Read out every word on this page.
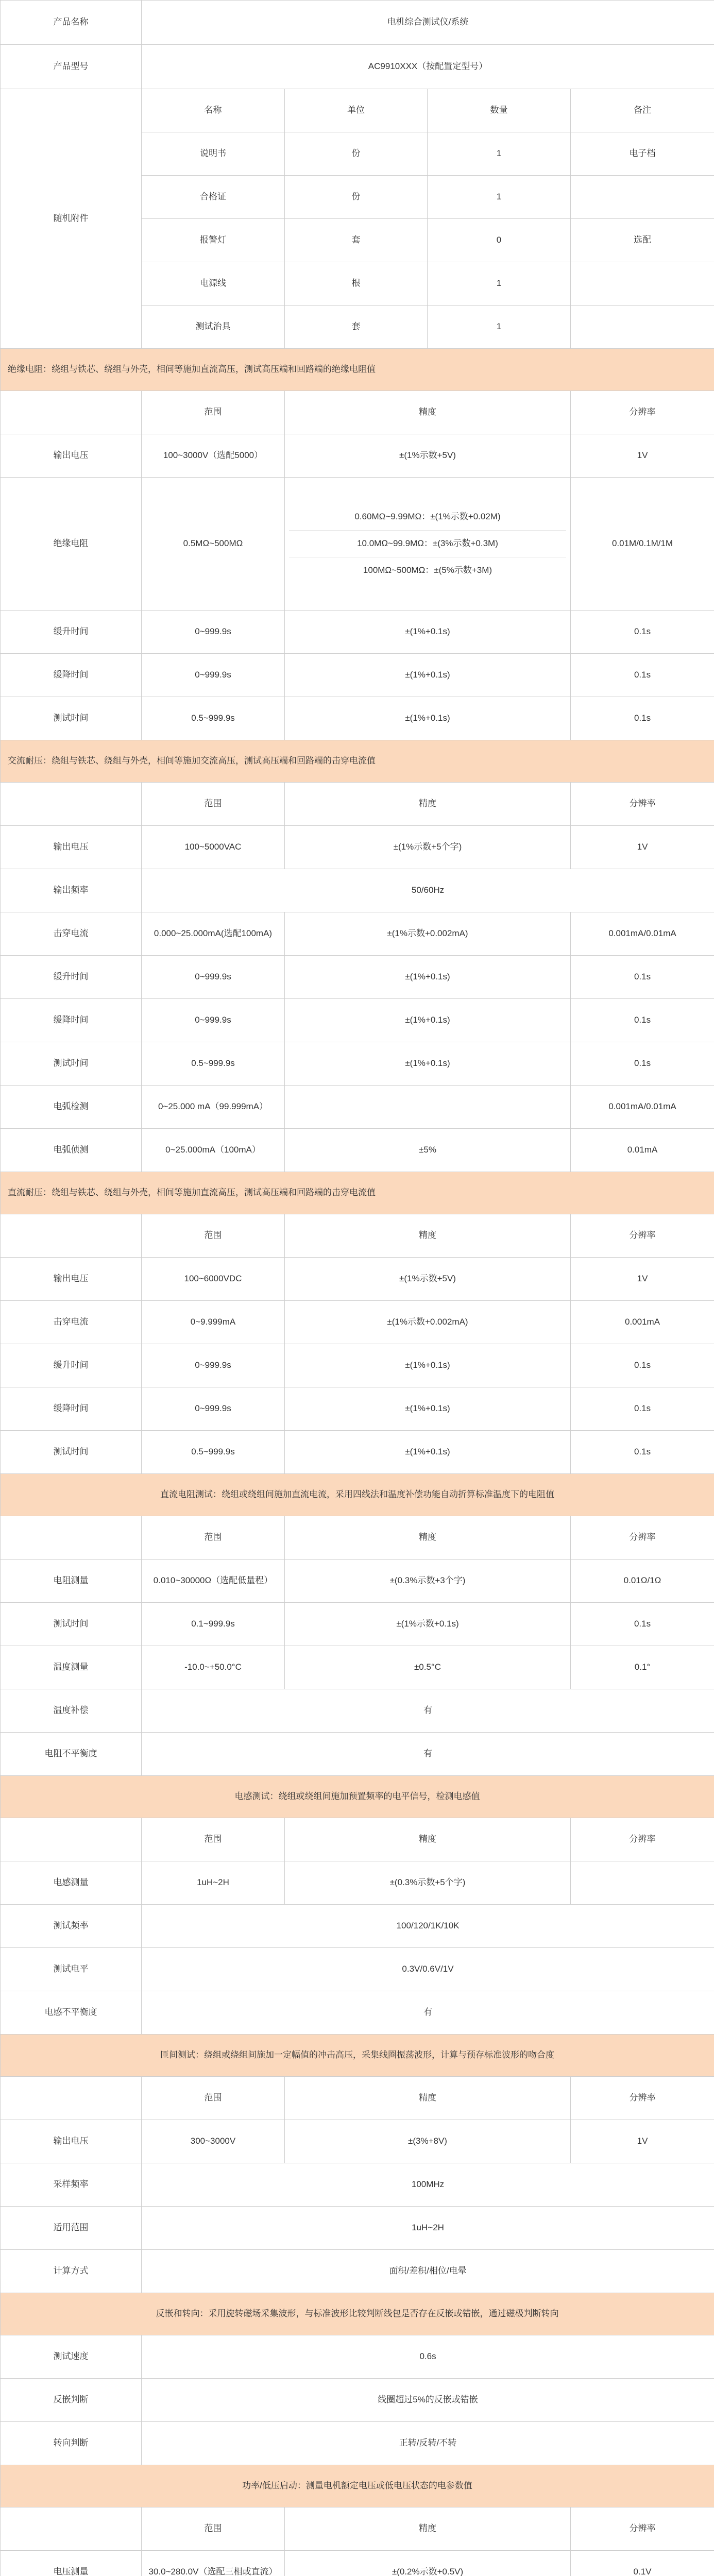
产品名称	电机综合测试仪/系统			
产品型号	AC9910XXX（按配置定型号）			
随机附件	名称	单位	数量	备注
	说明书	份	1	电子档
	合格证	份	1	
	报警灯	套	0	选配
	电源线	根	1	
	测试治具	套	1	
绝缘电阻：绕组与铁芯、绕组与外壳，相间等施加直流高压，测试高压端和回路端的绝缘电阻值				
	范围	精度		分辨率
输出电压	100~3000V（选配5000）	±(1%示数+5V)		1V
绝缘电阻	0.5MΩ~500MΩ	0.60MΩ~9.99MΩ：±(1%示数+0.02M)
10.0MΩ~99.9MΩ：±(3%示数+0.3M)
100MΩ~500MΩ：±(5%示数+3M)		0.01M/0.1M/1M
缓升时间	0~999.9s	±(1%+0.1s)		0.1s
缓降时间	0~999.9s	±(1%+0.1s)		0.1s
测试时间	0.5~999.9s	±(1%+0.1s)		0.1s
交流耐压：绕组与铁芯、绕组与外壳，相间等施加交流高压，测试高压端和回路端的击穿电流值				
	范围	精度		分辨率
输出电压	100~5000VAC	±(1%示数+5个字)		1V
输出频率	50/60Hz			
击穿电流	0.000~25.000mA(选配100mA)	±(1%示数+0.002mA)		0.001mA/0.01mA
缓升时间	0~999.9s	±(1%+0.1s)		0.1s
缓降时间	0~999.9s	±(1%+0.1s)		0.1s
测试时间	0.5~999.9s	±(1%+0.1s)		0.1s
电弧检测	0~25.000 mA（99.999mA）			0.001mA/0.01mA
电弧侦测	0~25.000mA（100mA）	±5%		0.01mA
直流耐压：绕组与铁芯、绕组与外壳，相间等施加直流高压，测试高压端和回路端的击穿电流值				
	范围	精度		分辨率
输出电压	100~6000VDC	±(1%示数+5V)		1V
击穿电流	0~9.999mA	±(1%示数+0.002mA)		0.001mA
缓升时间	0~999.9s	±(1%+0.1s)		0.1s
缓降时间	0~999.9s	±(1%+0.1s)		0.1s
测试时间	0.5~999.9s	±(1%+0.1s)		0.1s
直流电阻测试：绕组或绕组间施加直流电流，采用四线法和温度补偿功能自动折算标准温度下的电阻值				
	范围	精度		分辨率
电阻测量	0.010~30000Ω（选配低量程）	±(0.3%示数+3个字)		0.01Ω/1Ω
测试时间	0.1~999.9s	±(1%示数+0.1s)		0.1s
温度测量	-10.0~+50.0°C	±0.5°C		0.1°
温度补偿	有			
电阻不平衡度	有			
电感测试：绕组或绕组间施加预置频率的电平信号，检测电感值				
	范围	精度		分辨率
电感测量	1uH~2H	±(0.3%示数+5个字)		
测试频率	100/120/1K/10K			
测试电平	0.3V/0.6V/1V			
电感不平衡度	有			
匝间测试：绕组或绕组间施加一定幅值的冲击高压，采集线圈振荡波形，计算与预存标准波形的吻合度				
	范围	精度		分辨率
输出电压	300~3000V	±(3%+8V)		1V
采样频率	100MHz			
适用范围	1uH~2H			
计算方式	面积/差积/相位/电晕			
反嵌和转向：采用旋转磁场采集波形，与标准波形比较判断线包是否存在反嵌或错嵌，通过磁极判断转向				
测试速度	0.6s			
反嵌判断	线圈超过5%的反嵌或错嵌			
转向判断	正转/反转/不转			
功率/低压启动：测量电机额定电压或低电压状态的电参数值				
	范围	精度		分辨率
电压测量	30.0~280.0V（选配三相或直流）	±(0.2%示数+0.5V)		0.1V
